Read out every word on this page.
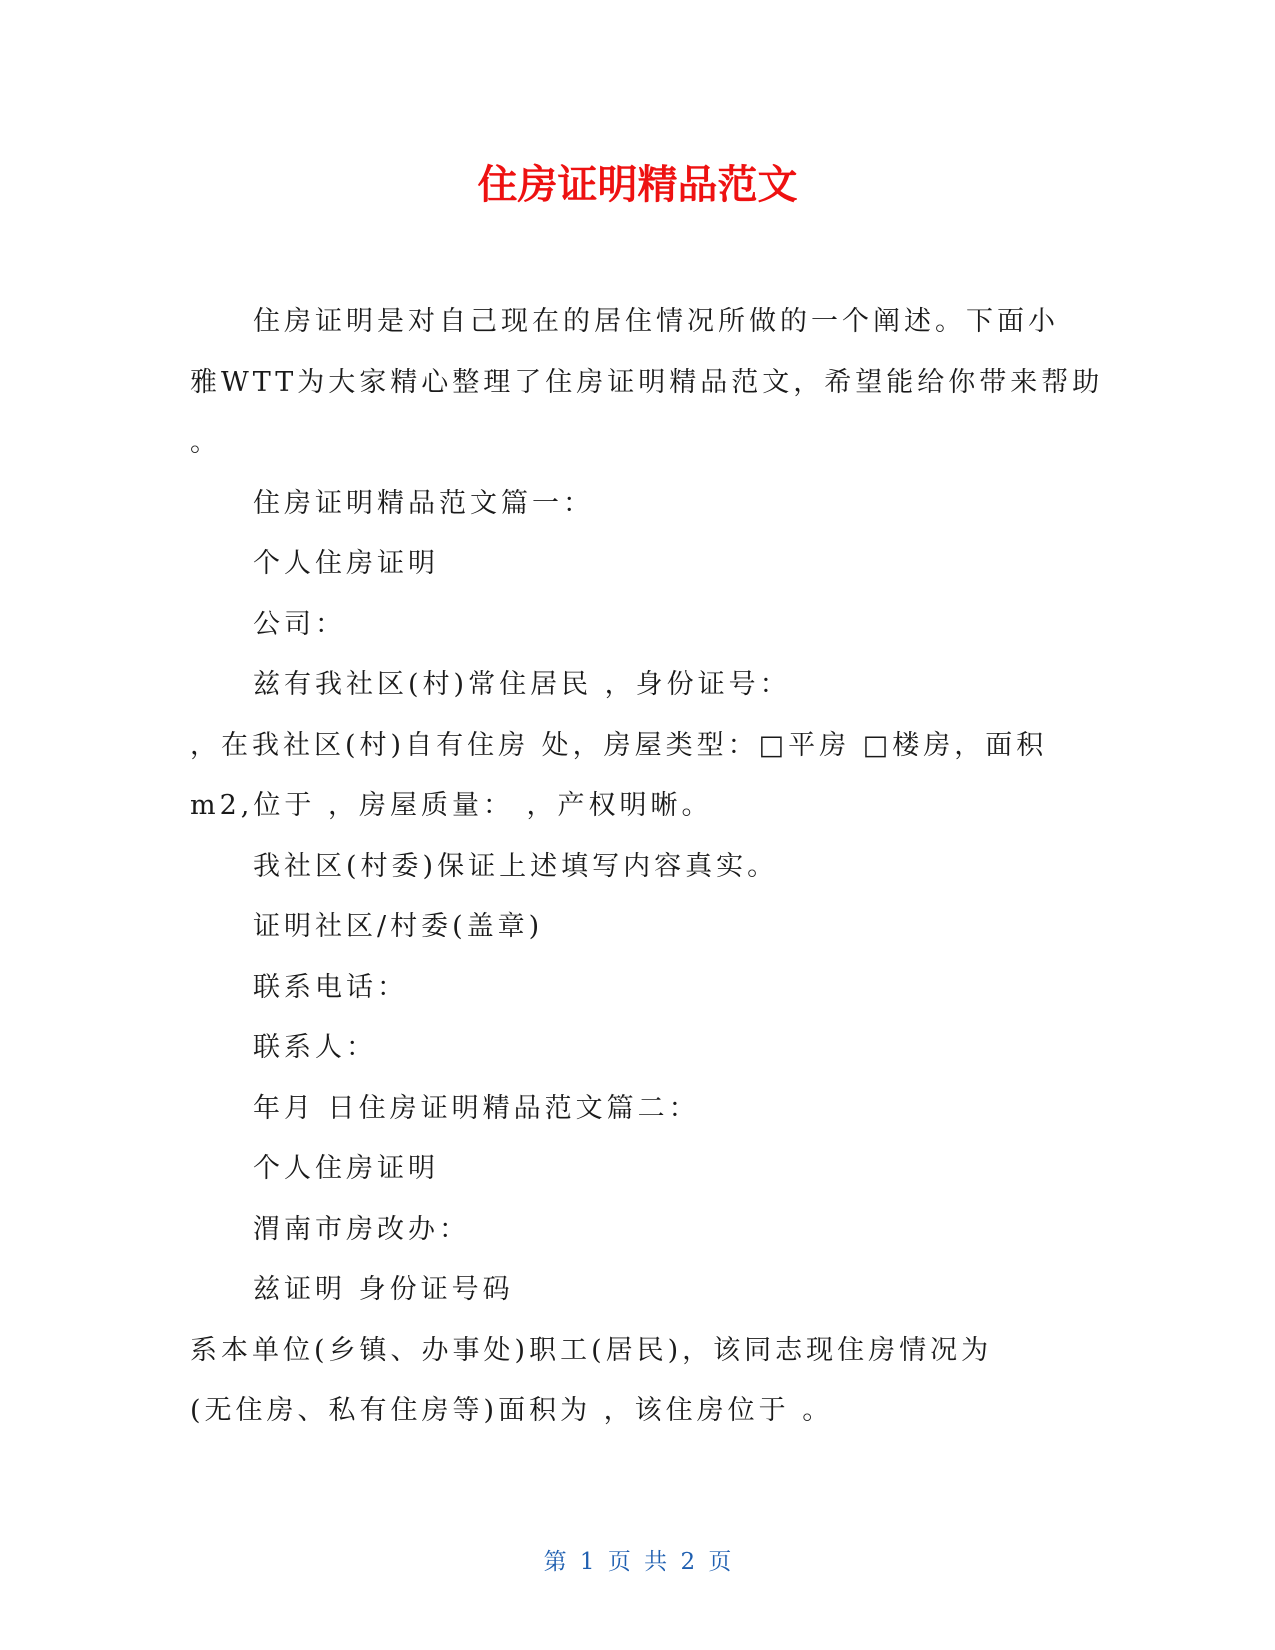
住房证明精品范文
住房证明是对自己现在的居住情况所做的一个阐述。下面小
雅WTT为大家精心整理了住房证明精品范文，希望能给你带来帮助
。
住房证明精品范文篇一：
个人住房证明
公司：
兹有我社区(村)常住居民 ，身份证号：
，在我社区(村)自有住房 处，房屋类型：□平房 □楼房，面积
m2,位于 ，房屋质量： ，产权明晰。
我社区(村委)保证上述填写内容真实。
证明社区/村委(盖章)
联系电话：
联系人：
年月 日住房证明精品范文篇二：
个人住房证明
渭南市房改办：
兹证明 身份证号码
系本单位(乡镇、办事处)职工(居民)，该同志现住房情况为
(无住房、私有住房等)面积为 ，该住房位于 。
第 1 页 共 2 页
